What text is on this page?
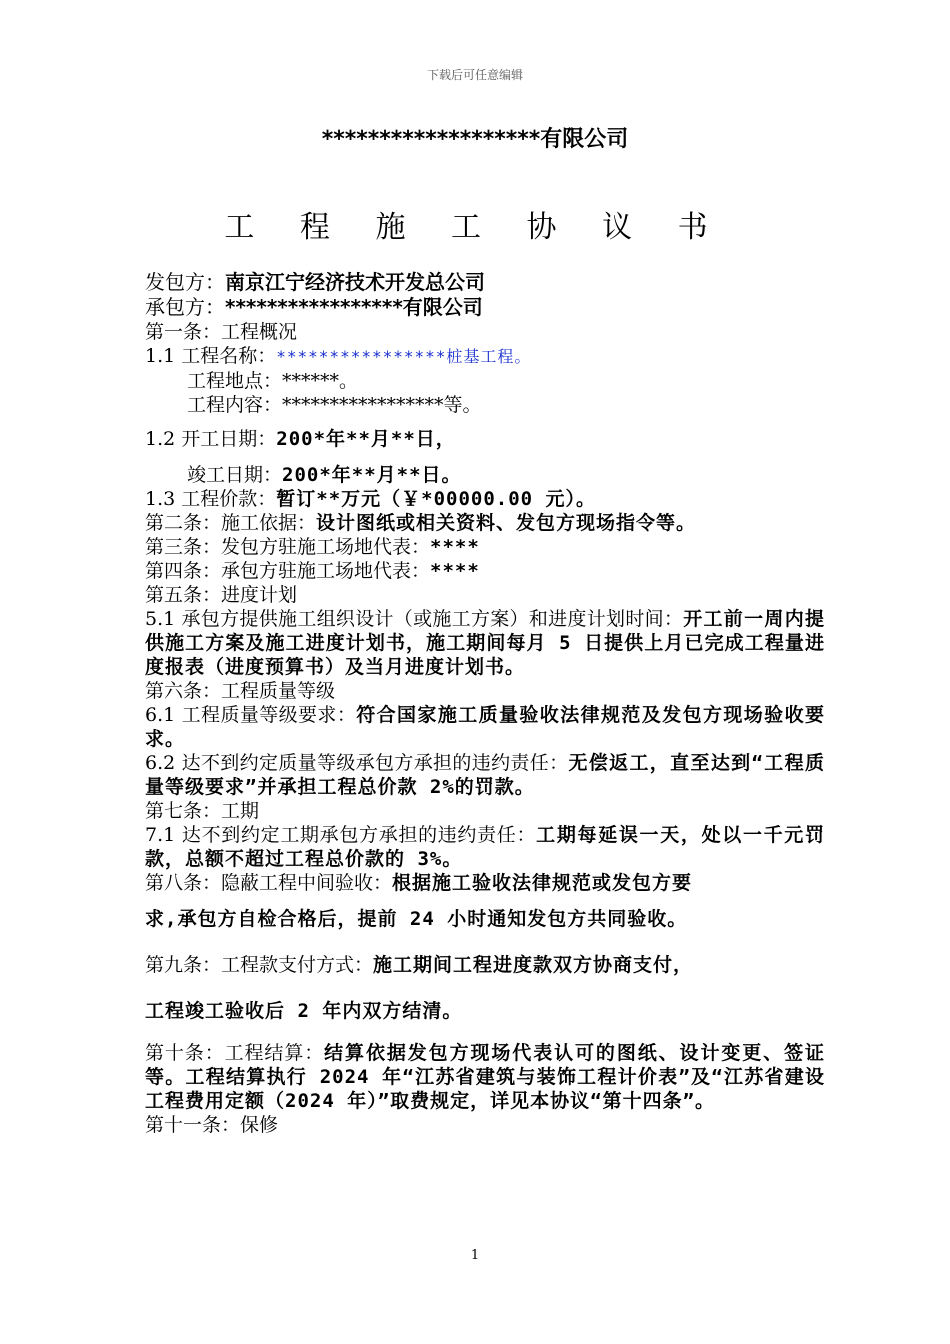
下载后可任意编辑
*******************有限公司
工 程 施 工 协 议 书
发包方：南京江宁经济技术开发总公司
承包方：*****************有限公司
第一条：工程概况
1.1 工程名称：****************桩基工程。
工程地点：******。
工程内容：*****************等。
1.2 开工日期：200*年**月**日，
竣工日期：200*年**月**日。
1.3 工程价款：暂订**万元（￥*00000.00 元）。
第二条：施工依据：设计图纸或相关资料、发包方现场指令等。
第三条：发包方驻施工场地代表：****
第四条：承包方驻施工场地代表：****
第五条：进度计划
5.1 承包方提供施工组织设计（或施工方案）和进度计划时间：开工前一周内提供施工方案及施工进度计划书，施工期间每月 5 日提供上月已完成工程量进度报表（进度预算书）及当月进度计划书。
第六条：工程质量等级
6.1 工程质量等级要求：符合国家施工质量验收法律规范及发包方现场验收要求。
6.2 达不到约定质量等级承包方承担的违约责任：无偿返工，直至达到“工程质量等级要求”并承担工程总价款 2%的罚款。
第七条：工期
7.1 达不到约定工期承包方承担的违约责任：工期每延误一天，处以一千元罚款，总额不超过工程总价款的 3%。
第八条：隐蔽工程中间验收：根据施工验收法律规范或发包方要
求,承包方自检合格后，提前 24 小时通知发包方共同验收。
第九条：工程款支付方式：施工期间工程进度款双方协商支付，
工程竣工验收后 2 年内双方结清。
第十条：工程结算：结算依据发包方现场代表认可的图纸、设计变更、签证等。工程结算执行 2024 年“江苏省建筑与装饰工程计价表”及“江苏省建设工程费用定额（2024 年）”取费规定，详见本协议“第十四条”。
第十一条：保修
1
